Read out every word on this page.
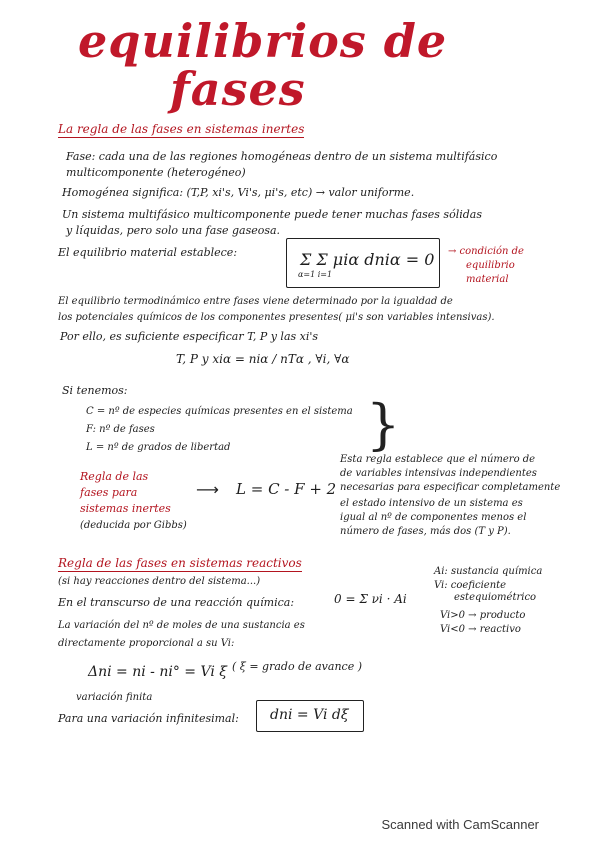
equilibrios de
fases
La regla de las fases en sistemas inertes
Fase: cada una de las regiones homogéneas dentro de un sistema multifásico
multicomponente (heterogéneo)
Homogénea significa: (T,P, xi's, Vi's, μi's, etc) → valor uniforme.
Un sistema multifásico multicomponente puede tener muchas fases sólidas
y líquidas, pero solo una fase gaseosa.
El equilibrio material establece:	Σ Σ μiα dniα = 0
α=1 i=1
→ condición de
equilibrio
material
El equilibrio termodinámico entre fases viene determinado por la igualdad de
los potenciales químicos de los componentes presentes( μi's son variables intensivas).
Por ello, es suficiente especificar T, P y las xi's
T, P y xiα = niα / nTα , ∀i, ∀α
Si tenemos:
C = nº de especies químicas presentes en el sistema
F: nº de fases
L = nº de grados de libertad	}
Regla de las
fases para
sistemas inertes
(deducida por Gibbs)
⟶ L = C - F + 2
Esta regla establece que el número de
de variables intensivas independientes
necesarias para especificar completamente
el estado intensivo de un sistema es
igual al nº de componentes menos el
número de fases, más dos (T y P).
Regla de las fases en sistemas reactivos
(si hay reacciones dentro del sistema...)
En el transcurso de una reacción química:	0 = Σ νi · Ai
Ai: sustancia química
Vi: coeficiente
estequiométrico
Vi>0 → producto
Vi<0 → reactivo
La variación del nº de moles de una sustancia es
directamente proporcional a su Vi:
Δni = ni - ni° = Vi ξ ( ξ = grado de avance )
variación finita
Para una variación infinitesimal: dni = Vi dξ
Scanned with CamScanner
